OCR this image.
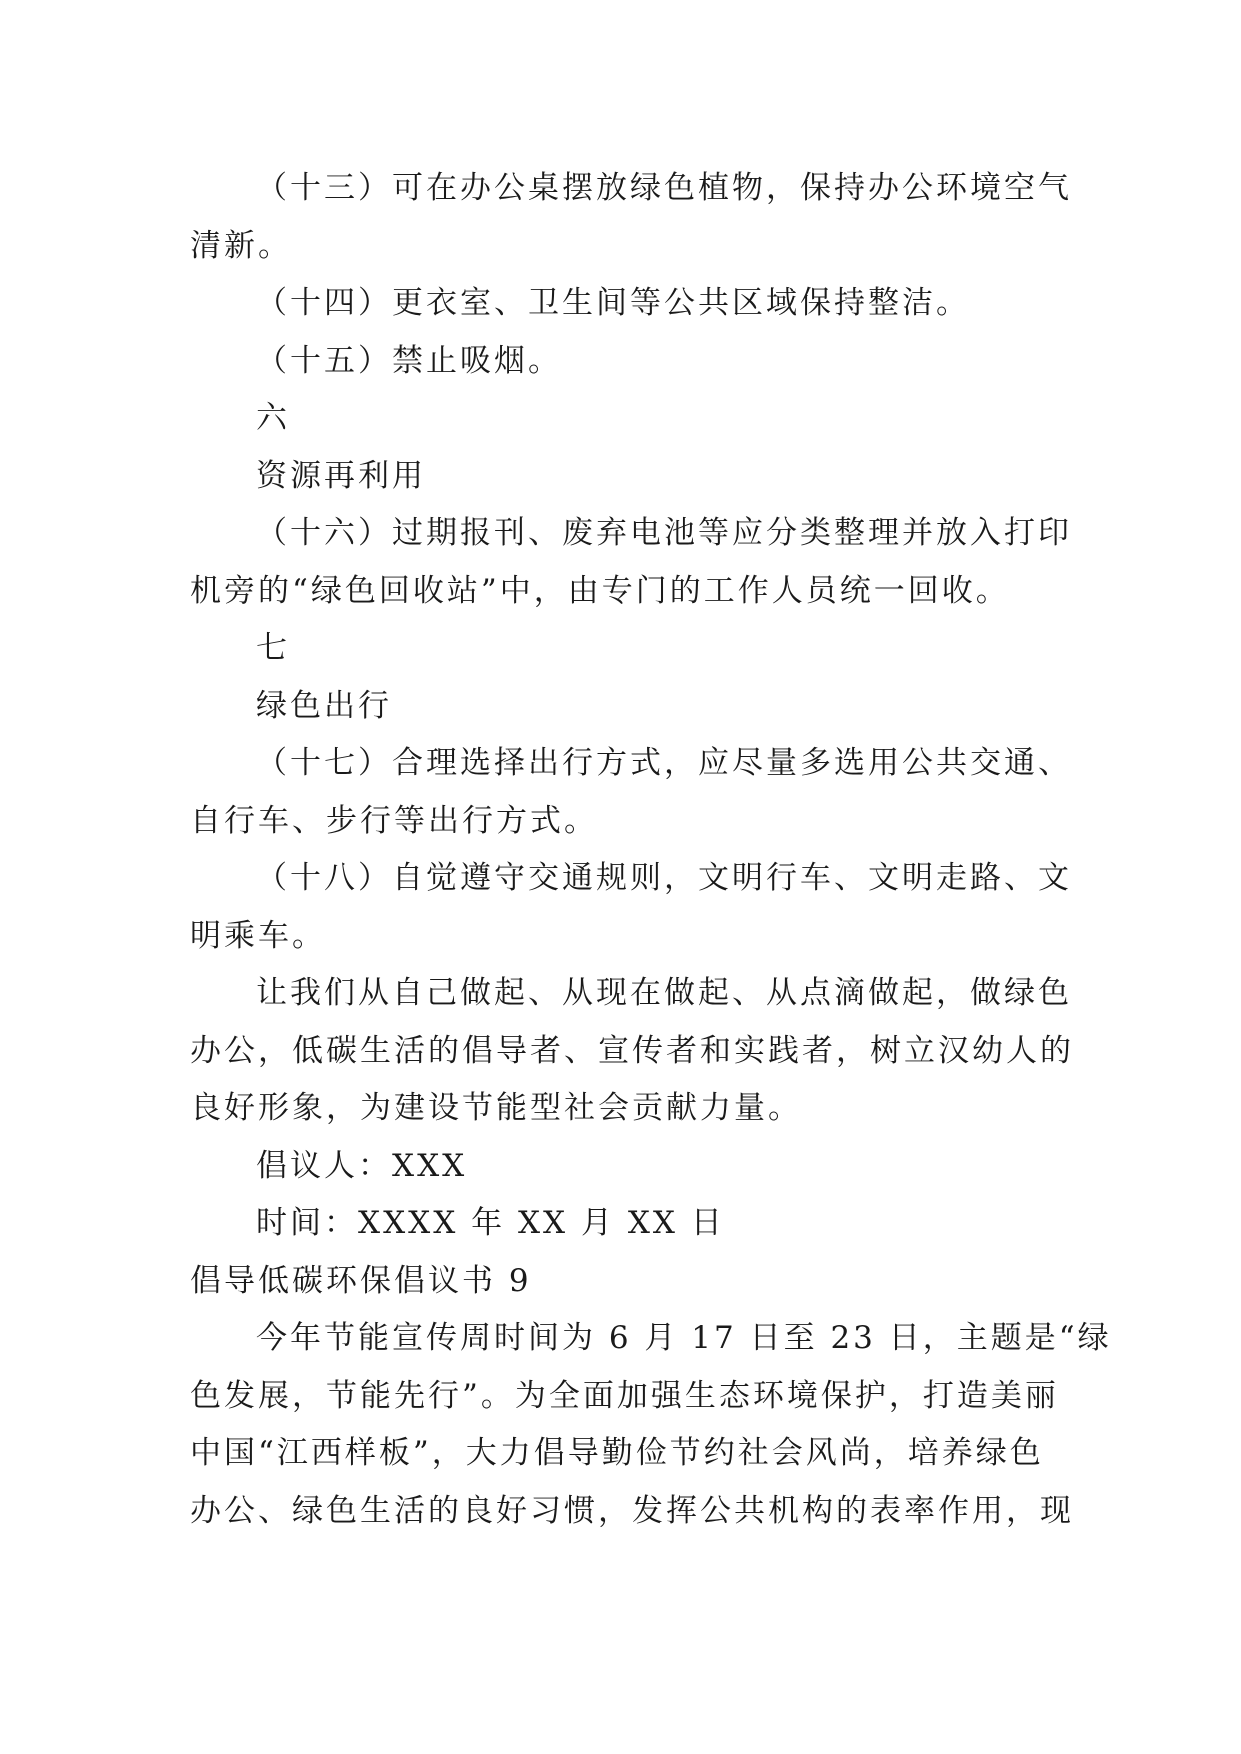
（十三）可在办公桌摆放绿色植物，保持办公环境空气
清新。
（十四）更衣室、卫生间等公共区域保持整洁。
（十五）禁止吸烟。
六
资源再利用
（十六）过期报刊、废弃电池等应分类整理并放入打印
机旁的“绿色回收站”中，由专门的工作人员统一回收。
七
绿色出行
（十七）合理选择出行方式，应尽量多选用公共交通、
自行车、步行等出行方式。
（十八）自觉遵守交通规则，文明行车、文明走路、文
明乘车。
让我们从自己做起、从现在做起、从点滴做起，做绿色
办公，低碳生活的倡导者、宣传者和实践者，树立汉幼人的
良好形象，为建设节能型社会贡献力量。
倡议人：XXX
时间：XXXX 年 XX 月 XX 日
倡导低碳环保倡议书 9
今年节能宣传周时间为 6 月 17 日至 23 日，主题是“绿
色发展，节能先行”。为全面加强生态环境保护，打造美丽
中国“江西样板”，大力倡导勤俭节约社会风尚，培养绿色
办公、绿色生活的良好习惯，发挥公共机构的表率作用，现
